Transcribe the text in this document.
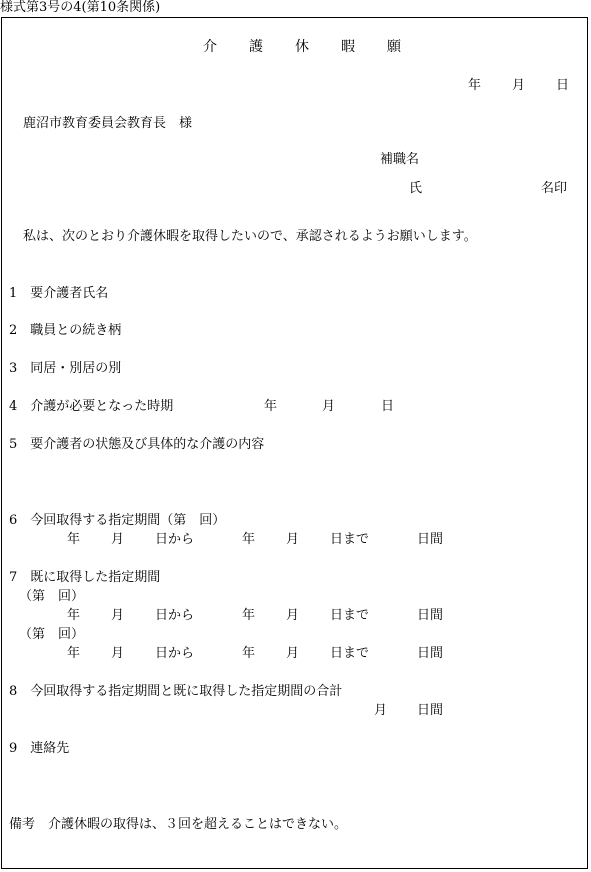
様式第3号の4(第10条関係)
介 護 休 暇 願
年 月 日
鹿沼市教育委員会教育長　様
補職名
氏	名印
私は、次のとおり介護休暇を取得したいので、承認されるようお願いします。
1　要介護者氏名
2　職員との続き柄
3　同居・別居の別
4　介護が必要となった時期	年	月	日
5　要介護者の状態及び具体的な介護の内容
6　今回取得する指定期間（第　回）
年 月 日から	年 月 日まで	日間
7　既に取得した指定期間
（第　回）
年 月 日から	年 月 日まで	日間
（第　回）
年 月 日から	年 月 日まで	日間
8　今回取得する指定期間と既に取得した指定期間の合計
月 日間
9　連絡先
備考　介護休暇の取得は、３回を超えることはできない。
